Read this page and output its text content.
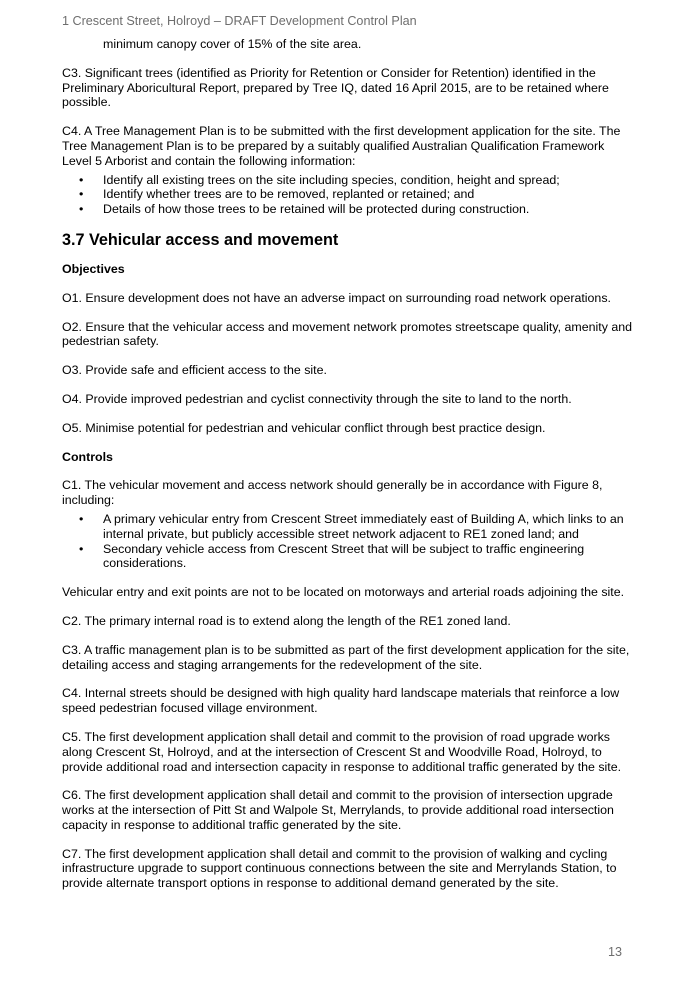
1 Crescent Street, Holroyd – DRAFT Development Control Plan
minimum canopy cover of 15% of the site area.

C3. Significant trees (identified as Priority for Retention or Consider for Retention) identified in the Preliminary Aboricultural Report, prepared by Tree IQ, dated 16 April 2015, are to be retained where possible.

C4. A Tree Management Plan is to be submitted with the first development application for the site. The Tree Management Plan is to be prepared by a suitably qualified Australian Qualification Framework Level 5 Arborist and contain the following information:

• Identify all existing trees on the site including species, condition, height and spread;
• Identify whether trees are to be removed, replanted or retained; and
• Details of how those trees to be retained will be protected during construction.
3.7 Vehicular access and movement
Objectives

O1. Ensure development does not have an adverse impact on surrounding road network operations.

O2. Ensure that the vehicular access and movement network promotes streetscape quality, amenity and pedestrian safety.

O3. Provide safe and efficient access to the site.

O4. Provide improved pedestrian and cyclist connectivity through the site to land to the north.

O5. Minimise potential for pedestrian and vehicular conflict through best practice design.

Controls

C1. The vehicular movement and access network should generally be in accordance with Figure 8, including:

• A primary vehicular entry from Crescent Street immediately east of Building A, which links to an internal private, but publicly accessible street network adjacent to RE1 zoned land; and
• Secondary vehicle access from Crescent Street that will be subject to traffic engineering considerations.

Vehicular entry and exit points are not to be located on motorways and arterial roads adjoining the site.

C2. The primary internal road is to extend along the length of the RE1 zoned land.

C3. A traffic management plan is to be submitted as part of the first development application for the site, detailing access and staging arrangements for the redevelopment of the site.

C4. Internal streets should be designed with high quality hard landscape materials that reinforce a low speed pedestrian focused village environment.

C5. The first development application shall detail and commit to the provision of road upgrade works along Crescent St, Holroyd, and at the intersection of Crescent St and Woodville Road, Holroyd, to provide additional road and intersection capacity in response to additional traffic generated by the site.

C6. The first development application shall detail and commit to the provision of intersection upgrade works at the intersection of Pitt St and Walpole St, Merrylands, to provide additional road intersection capacity in response to additional traffic generated by the site.

C7. The first development application shall detail and commit to the provision of walking and cycling infrastructure upgrade to support continuous connections between the site and Merrylands Station, to provide alternate transport options in response to additional demand generated by the site.

13
